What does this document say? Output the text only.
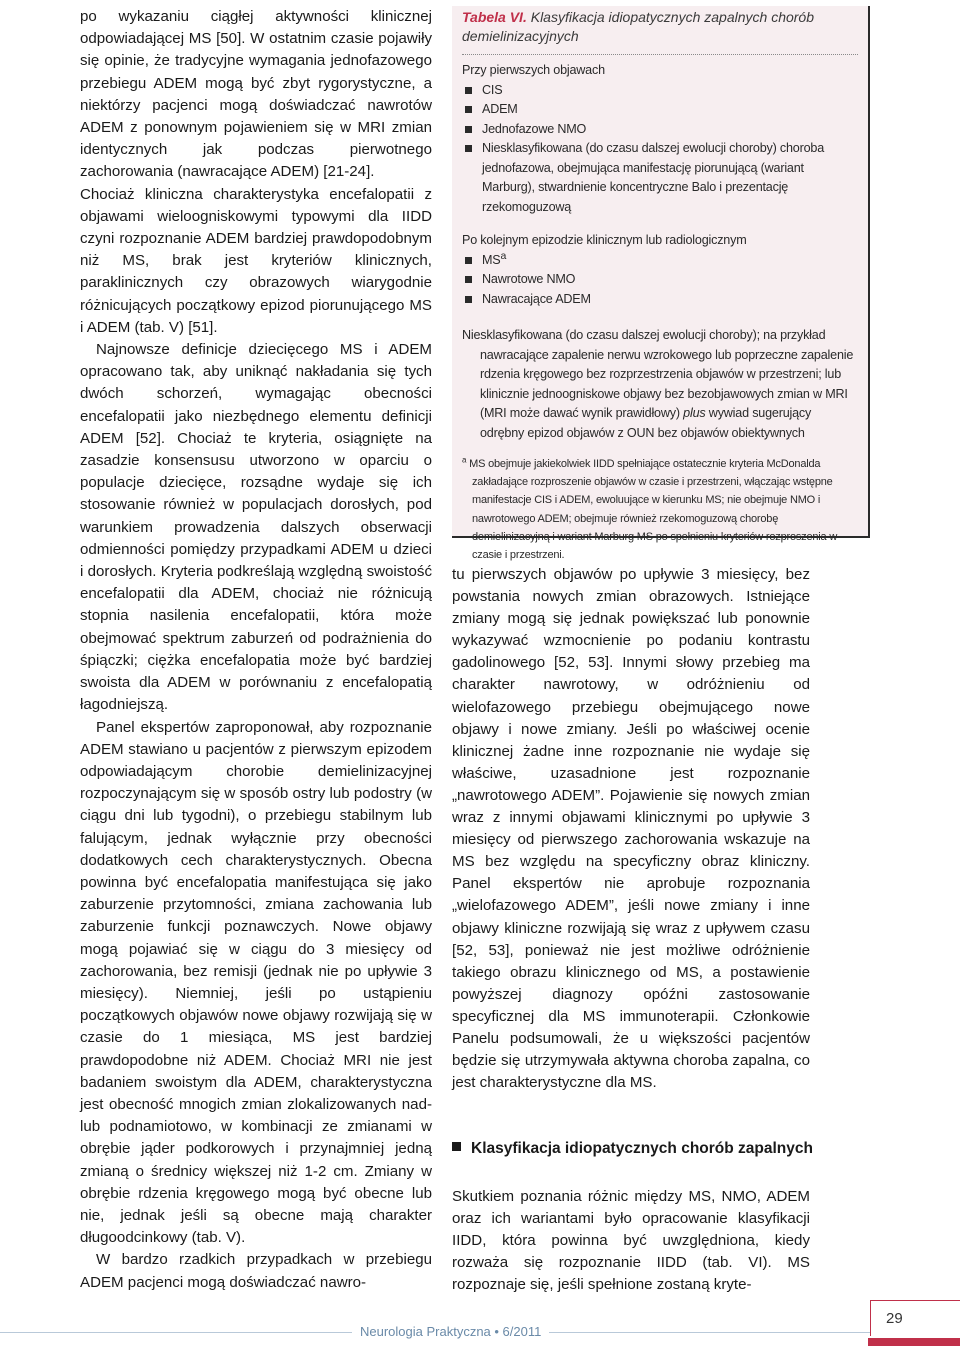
po wykazaniu ciągłej aktywności klinicznej odpowiadającej MS [50]. W ostatnim czasie pojawiły się opinie, że tradycyjne wymagania jednofazowego przebiegu ADEM mogą być zbyt rygorystyczne, a niektórzy pacjenci mogą doświadczać nawrotów ADEM z ponownym pojawieniem się w MRI zmian identycznych jak podczas pierwotnego zachorowania (nawracające ADEM) [21-24].

Chociaż kliniczna charakterystyka encefalopatii z objawami wieloogniskowymi typowymi dla IIDD czyni rozpoznanie ADEM bardziej prawdopodobnym niż MS, brak jest kryteriów klinicznych, paraklinicznych czy obrazowych wiarygodnie różnicujących początkowy epizod piorunującego MS i ADEM (tab. V) [51].

Najnowsze definicje dziecięcego MS i ADEM opracowano tak, aby uniknąć nakładania się tych dwóch schorzeń, wymagając obecności encefalopatii jako niezbędnego elementu definicji ADEM [52]. Chociaż te kryteria, osiągnięte na zasadzie konsensusu utworzono w oparciu o populacje dziecięce, rozsądne wydaje się ich stosowanie również w populacjach dorosłych, pod warunkiem prowadzenia dalszych obserwacji odmienności pomiędzy przypadkami ADEM u dzieci i dorosłych. Kryteria podkreślają względną swoistość encefalopatii dla ADEM, chociaż nie różnicują stopnia nasilenia encefalopatii, która może obejmować spektrum zaburzeń od podrażnienia do śpiączki; ciężka encefalopatia może być bardziej swoista dla ADEM w porównaniu z encefalopatią łagodniejszą.

Panel ekspertów zaproponował, aby rozpoznanie ADEM stawiano u pacjentów z pierwszym epizodem odpowiadającym chorobie demielinizacyjnej rozpoczynającym się w sposób ostry lub podostry (w ciągu dni lub tygodni), o przebiegu stabilnym lub falującym, jednak wyłącznie przy obecności dodatkowych cech charakterystycznych. Obecna powinna być encefalopatia manifestująca się jako zaburzenie przytomności, zmiana zachowania lub zaburzenie funkcji poznawczych. Nowe objawy mogą pojawiać się w ciągu do 3 miesięcy od zachorowania, bez remisji (jednak nie po upływie 3 miesięcy). Niemniej, jeśli po ustąpieniu początkowych objawów nowe objawy rozwijają się w czasie do 1 miesiąca, MS jest bardziej prawdopodobne niż ADEM. Chociaż MRI nie jest badaniem swoistym dla ADEM, charakterystyczna jest obecność mnogich zmian zlokalizowanych nad- lub podnamiotowo, w kombinacji ze zmianami w obrębie jąder podkorowych i przynajmniej jedną zmianą o średnicy większej niż 1-2 cm. Zmiany w obrębie rdzenia kręgowego mogą być obecne lub nie, jednak jeśli są obecne mają charakter długoodcinkowy (tab. V).

W bardzo rzadkich przypadkach w przebiegu ADEM pacjenci mogą doświadczać nawro-

Tabela VI. Klasyfikacja idiopatycznych zapalnych chorób demielinizacyjnych

Przy pierwszych objawach

CIS
ADEM
Jednofazowe NMO
Niesklasyfikowana (do czasu dalszej ewolucji choroby) choroba jednofazowa, obejmująca manifestację piorunującą (wariant Marburg), stwardnienie koncentryczne Balo i prezentację rzekomoguzową

Po kolejnym epizodzie klinicznym lub radiologicznym

$MS^a$
Nawrotowe NMO
Nawracające ADEM

Niesklasyfikowana (do czasu dalszej ewolucji choroby); na przykład nawracające zapalenie nerwu wzrokowego lub poprzeczne zapalenie rdzenia kręgowego bez rozprzestrzenia objawów w przestrzeni; lub klinicznie jednoogniskowe objawy bez bezobjawowych zmian w MRI (MRI może dawać wynik prawidłowy) plus wywiad sugerujący odrębny epizod objawów z OUN bez objawów obiektywnych

$^a$ MS obejmuje jakiekolwiek IIDD spełniające ostatecznie kryteria McDonalda zakładające rozproszenie objawów w czasie i przestrzeni, włączając wstępne manifestacje CIS i ADEM, ewoluujące w kierunku MS; nie obejmuje NMO i nawrotowego ADEM; obejmuje również rzekomoguzową chorobę demielinizacyjną i wariant Marburg MS po spełnieniu kryteriów rozproszenia w czasie i przestrzeni.

tu pierwszych objawów po upływie 3 miesięcy, bez powstania nowych zmian obrazowych. Istniejące zmiany mogą się jednak powiększać lub ponownie wykazywać wzmocnienie po podaniu kontrastu gadolinowego [52, 53]. Innymi słowy przebieg ma charakter nawrotowy, w odróżnieniu od wielofazowego przebiegu obejmującego nowe objawy i nowe zmiany. Jeśli po właściwej ocenie klinicznej żadne inne rozpoznanie nie wydaje się właściwe, uzasadnione jest rozpoznanie „nawrotowego ADEM”. Pojawienie się nowych zmian wraz z innymi objawami klinicznymi po upływie 3 miesięcy od pierwszego zachorowania wskazuje na MS bez względu na specyficzny obraz kliniczny. Panel ekspertów nie aprobuje rozpoznania „wielofazowego ADEM”, jeśli nowe zmiany i inne objawy kliniczne rozwijają się wraz z upływem czasu [52, 53], ponieważ nie jest możliwe odróżnienie takiego obrazu klinicznego od MS, a postawienie powyższej diagnozy opóźni zastosowanie specyficznej dla MS immunoterapii. Członkowie Panelu podsumowali, że u większości pacjentów będzie się utrzymywała aktywna choroba zapalna, co jest charakterystyczne dla MS.

Klasyfikacja idiopatycznych chorób zapalnych

Skutkiem poznania różnic między MS, NMO, ADEM oraz ich wariantami było opracowanie klasyfikacji IIDD, która powinna być uwzględniona, kiedy rozważa się rozpoznanie IIDD (tab. VI). MS rozpoznaje się, jeśli spełnione zostaną kryte-

Neurologia Praktyczna • 6/2011
29
